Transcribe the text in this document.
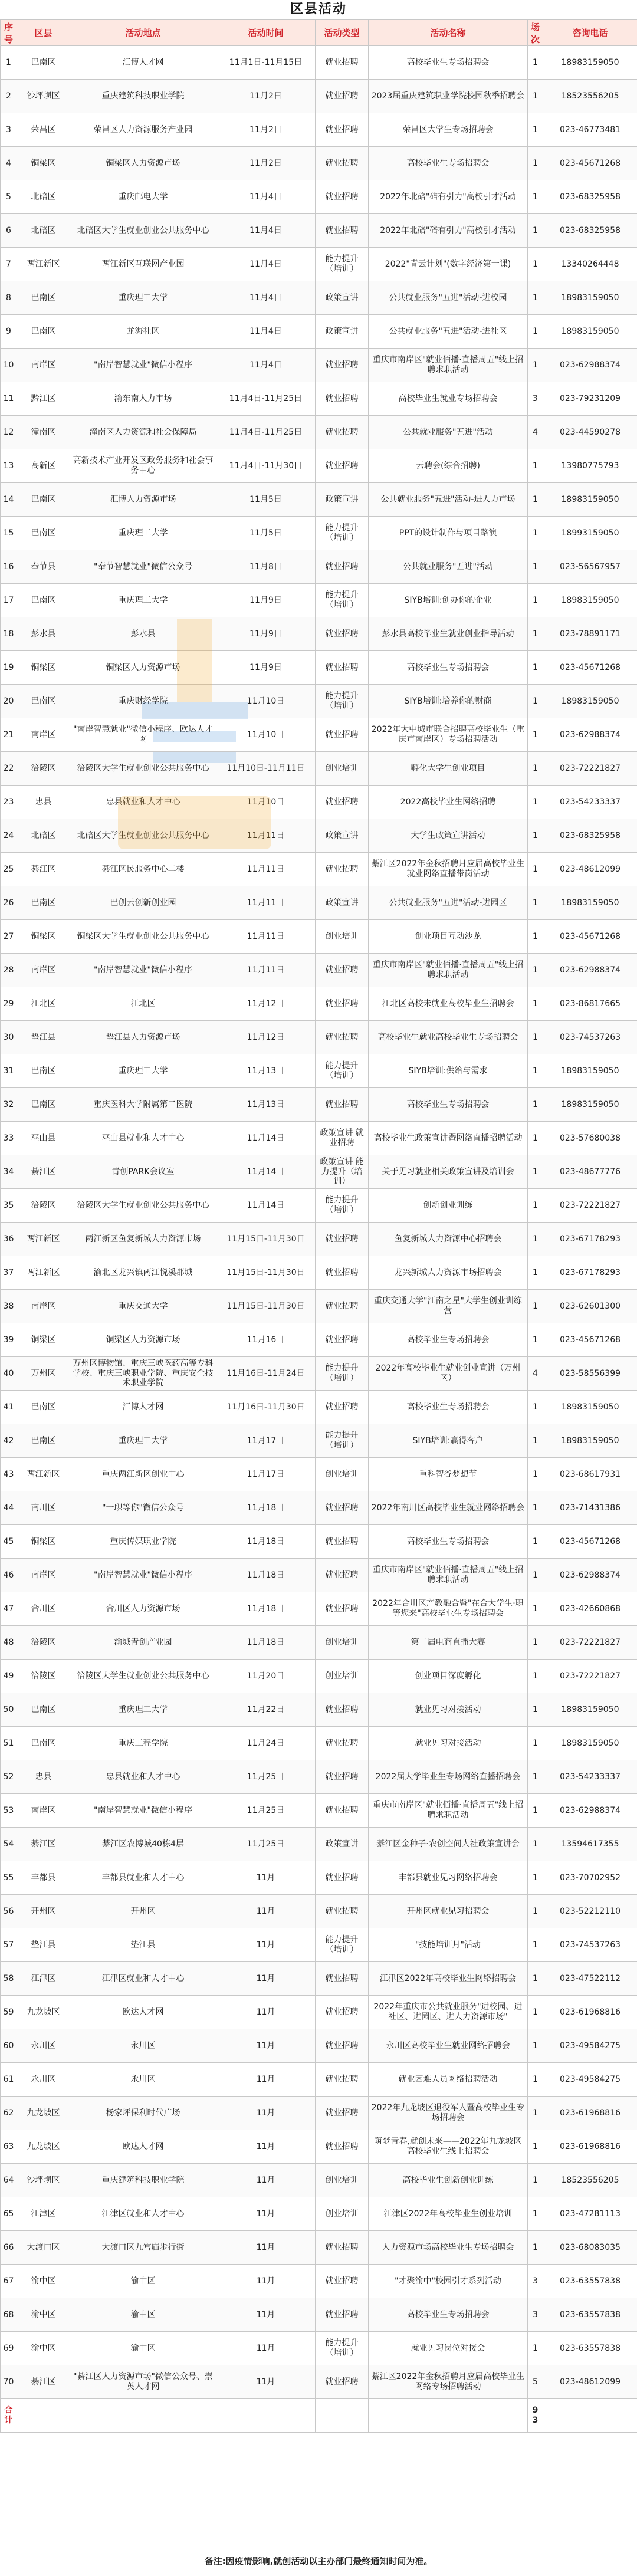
区县活动
序号	区县	活动地点	活动时间	活动类型	活动名称	场次	咨询电话
1	巴南区	汇博人才网	11月1日-11月15日	就业招聘	高校毕业生专场招聘会	1	18983159050
2	沙坪坝区	重庆建筑科技职业学院	11月2日	就业招聘	2023届重庆建筑职业学院校园秋季招聘会	1	18523556205
3	荣昌区	荣昌区人力资源服务产业园	11月2日	就业招聘	荣昌区大学生专场招聘会	1	023-46773481
4	铜梁区	铜梁区人力资源市场	11月2日	就业招聘	高校毕业生专场招聘会	1	023-45671268
5	北碚区	重庆邮电大学	11月4日	就业招聘	2022年北碚"碚有引力"高校引才活动	1	023-68325958
6	北碚区	北碚区大学生就业创业公共服务中心	11月4日	就业招聘	2022年北碚"碚有引力"高校引才活动	1	023-68325958
7	两江新区	两江新区互联网产业园	11月4日	能力提升（培训）	2022"青云计划"(数字经济第一课)	1	13340264448
8	巴南区	重庆理工大学	11月4日	政策宣讲	公共就业服务"五进"活动-进校园	1	18983159050
9	巴南区	龙海社区	11月4日	政策宣讲	公共就业服务"五进"活动-进社区	1	18983159050
10	南岸区	"南岸智慧就业"微信小程序	11月4日	就业招聘	重庆市南岸区"就业佰播·直播周五"线上招聘求职活动	1	023-62988374
11	黔江区	渝东南人力市场	11月4日-11月25日	就业招聘	高校毕业生就业专场招聘会	3	023-79231209
12	潼南区	潼南区人力资源和社会保障局	11月4日-11月25日	就业招聘	公共就业服务"五进"活动	4	023-44590278
13	高新区	高新技术产业开发区政务服务和社会事务中心	11月4日-11月30日	就业招聘	云聘会(综合招聘)	1	13980775793
14	巴南区	汇博人力资源市场	11月5日	政策宣讲	公共就业服务"五进"活动-进人力市场	1	18983159050
15	巴南区	重庆理工大学	11月5日	能力提升（培训）	PPT的设计制作与项目路演	1	18993159050
16	奉节县	"奉节智慧就业"微信公众号	11月8日	就业招聘	公共就业服务"五进"活动	1	023-56567957
17	巴南区	重庆理工大学	11月9日	能力提升（培训）	SIYB培训:创办你的企业	1	18983159050
18	彭水县	彭水县	11月9日	就业招聘	彭水县高校毕业生就业创业指导活动	1	023-78891171
19	铜梁区	铜梁区人力资源市场	11月9日	就业招聘	高校毕业生专场招聘会	1	023-45671268
20	巴南区	重庆财经学院	11月10日	能力提升（培训）	SIYB培训:培养你的财商	1	18983159050
21	南岸区	"南岸智慧就业"微信小程序、欧达人才网	11月10日	就业招聘	2022年大中城市联合招聘高校毕业生（重庆市南岸区）专场招聘活动	1	023-62988374
22	涪陵区	涪陵区大学生就业创业公共服务中心	11月10日-11月11日	创业培训	孵化大学生创业项目	1	023-72221827
23	忠县	忠县就业和人才中心	11月10日	就业招聘	2022高校毕业生网络招聘	1	023-54233337
24	北碚区	北碚区大学生就业创业公共服务中心	11月11日	政策宣讲	大学生政策宣讲活动	1	023-68325958
25	綦江区	綦江区民服务中心二楼	11月11日	就业招聘	綦江区2022年金秋招聘月应届高校毕业生就业网络直播带岗活动	1	023-48612099
26	巴南区	巴创云创新创业园	11月11日	政策宣讲	公共就业服务"五进"活动-进园区	1	18983159050
27	铜梁区	铜梁区大学生就业创业公共服务中心	11月11日	创业培训	创业项目互动沙龙	1	023-45671268
28	南岸区	"南岸智慧就业"微信小程序	11月11日	就业招聘	重庆市南岸区"就业佰播·直播周五"线上招聘求职活动	1	023-62988374
29	江北区	江北区	11月12日	就业招聘	江北区高校未就业高校毕业生招聘会	1	023-86817665
30	垫江县	垫江县人力资源市场	11月12日	就业招聘	高校毕业生就业高校毕业生专场招聘会	1	023-74537263
31	巴南区	重庆理工大学	11月13日	能力提升（培训）	SIYB培训:供给与需求	1	18983159050
32	巴南区	重庆医科大学附属第二医院	11月13日	就业招聘	高校毕业生专场招聘会	1	18983159050
33	巫山县	巫山县就业和人才中心	11月14日	政策宣讲 就业招聘	高校毕业生政策宣讲暨网络直播招聘活动	1	023-57680038
34	綦江区	青创PARK会议室	11月14日	政策宣讲 能力提升（培训）	关于见习就业相关政策宣讲及培训会	1	023-48677776
35	涪陵区	涪陵区大学生就业创业公共服务中心	11月14日	能力提升（培训）	创新创业训练	1	023-72221827
36	两江新区	两江新区鱼复新城人力资源市场	11月15日-11月30日	就业招聘	鱼复新城人力资源中心招聘会	1	023-67178293
37	两江新区	渝北区龙兴镇两江悦溪郡城	11月15日-11月30日	就业招聘	龙兴新城人力资源市场招聘会	1	023-67178293
38	南岸区	重庆交通大学	11月15日-11月30日	就业招聘	重庆交通大学"江南之星"大学生创业训练营	1	023-62601300
39	铜梁区	铜梁区人力资源市场	11月16日	就业招聘	高校毕业生专场招聘会	1	023-45671268
40	万州区	万州区博物馆、重庆三峡医药高等专科学校、重庆三峡职业学院、重庆安全技术职业学院	11月16日-11月24日	能力提升（培训）	2022年高校毕业生就业创业宣讲（万州区）	4	023-58556399
41	巴南区	汇博人才网	11月16日-11月30日	就业招聘	高校毕业生专场招聘会	1	18983159050
42	巴南区	重庆理工大学	11月17日	能力提升（培训）	SIYB培训:赢得客户	1	18983159050
43	两江新区	重庆两江新区创业中心	11月17日	创业培训	重科智谷梦想节	1	023-68617931
44	南川区	"一职等你"微信公众号	11月18日	就业招聘	2022年南川区高校毕业生就业网络招聘会	1	023-71431386
45	铜梁区	重庆传媒职业学院	11月18日	就业招聘	高校毕业生专场招聘会	1	023-45671268
46	南岸区	"南岸智慧就业"微信小程序	11月18日	就业招聘	重庆市南岸区"就业佰播·直播周五"线上招聘求职活动	1	023-62988374
47	合川区	合川区人力资源市场	11月18日	就业招聘	2022年合川区产教融合暨"在合大学生·职等您来"高校毕业生专场招聘会	1	023-42660868
48	涪陵区	渝城青创产业园	11月18日	创业培训	第二届电商直播大赛	1	023-72221827
49	涪陵区	涪陵区大学生就业创业公共服务中心	11月20日	创业培训	创业项目深度孵化	1	023-72221827
50	巴南区	重庆理工大学	11月22日	就业招聘	就业见习对接活动	1	18983159050
51	巴南区	重庆工程学院	11月24日	就业招聘	就业见习对接活动	1	18983159050
52	忠县	忠县就业和人才中心	11月25日	就业招聘	2022届大学毕业生专场网络直播招聘会	1	023-54233337
53	南岸区	"南岸智慧就业"微信小程序	11月25日	就业招聘	重庆市南岸区"就业佰播·直播周五"线上招聘求职活动	1	023-62988374
54	綦江区	綦江区农博城40栋4层	11月25日	政策宣讲	綦江区金种子·农创空间人社政策宣讲会	1	13594617355
55	丰都县	丰都县就业和人才中心	11月	就业招聘	丰都县就业见习网络招聘会	1	023-70702952
56	开州区	开州区	11月	就业招聘	开州区就业见习招聘会	1	023-52212110
57	垫江县	垫江县	11月	能力提升（培训）	"技能培训月"活动	1	023-74537263
58	江津区	江津区就业和人才中心	11月	就业招聘	江津区2022年高校毕业生网络招聘会	1	023-47522112
59	九龙坡区	欧达人才网	11月	就业招聘	2022年重庆市公共就业服务"进校园、进社区、进园区、进人力资源市场"	1	023-61968816
60	永川区	永川区	11月	就业招聘	永川区高校毕业生就业网络招聘会	1	023-49584275
61	永川区	永川区	11月	就业招聘	就业困难人员网络招聘活动	1	023-49584275
62	九龙坡区	杨家坪保利时代广场	11月	就业招聘	2022年九龙坡区退役军人暨高校毕业生专场招聘会	1	023-61968816
63	九龙坡区	欧达人才网	11月	就业招聘	筑梦青春,就创未来——2022年九龙坡区高校毕业生线上招聘会	1	023-61968816
64	沙坪坝区	重庆建筑科技职业学院	11月	创业培训	高校毕业生创新创业训练	1	18523556205
65	江津区	江津区就业和人才中心	11月	创业培训	江津区2022年高校毕业生创业培训	1	023-47281113
66	大渡口区	大渡口区九宫庙步行街	11月	就业招聘	人力资源市场高校毕业生专场招聘会	1	023-68083035
67	渝中区	渝中区	11月	就业招聘	"才聚渝中"校园引才系列活动	3	023-63557838
68	渝中区	渝中区	11月	就业招聘	高校毕业生专场招聘会	3	023-63557838
69	渝中区	渝中区	11月	能力提升（培训）	就业见习岗位对接会	1	023-63557838
70	綦江区	"綦江区人力资源市场"微信公众号、崇英人才网	11月	就业招聘	綦江区2022年金秋招聘月应届高校毕业生网络专场招聘活动	5	023-48612099
合计						93	
备注:因疫情影响,就创活动以主办部门最终通知时间为准。
